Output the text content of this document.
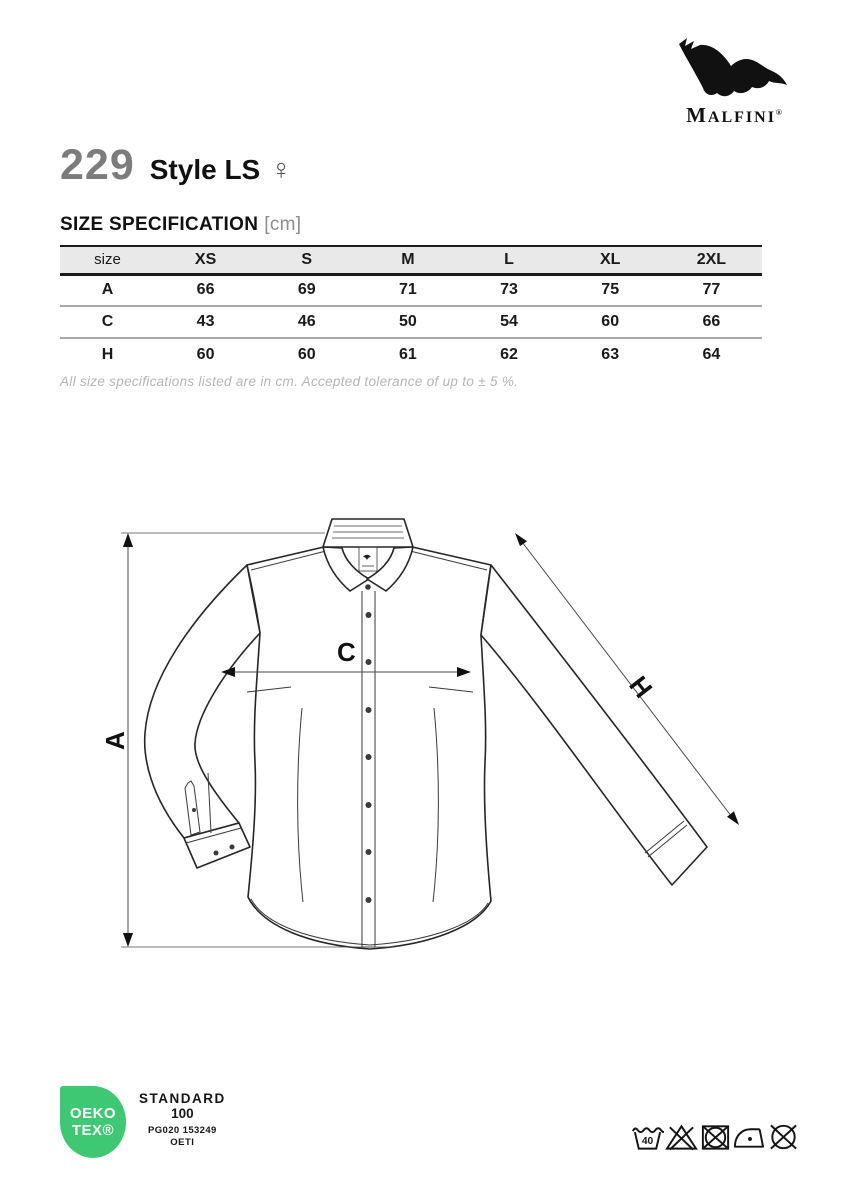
MALFINI®
229 Style LS ♀
SIZE SPECIFICATION [cm]
size	XS	S	M	L	XL	2XL
A	66	69	71	73	75	77
C	43	46	50	54	60	66
H	60	60	61	62	63	64
All size specifications listed are in cm. Accepted tolerance of up to ± 5 %.
A
C
H
OEKO
TEX®
STANDARD
100
PG020 153249
OETI	40
